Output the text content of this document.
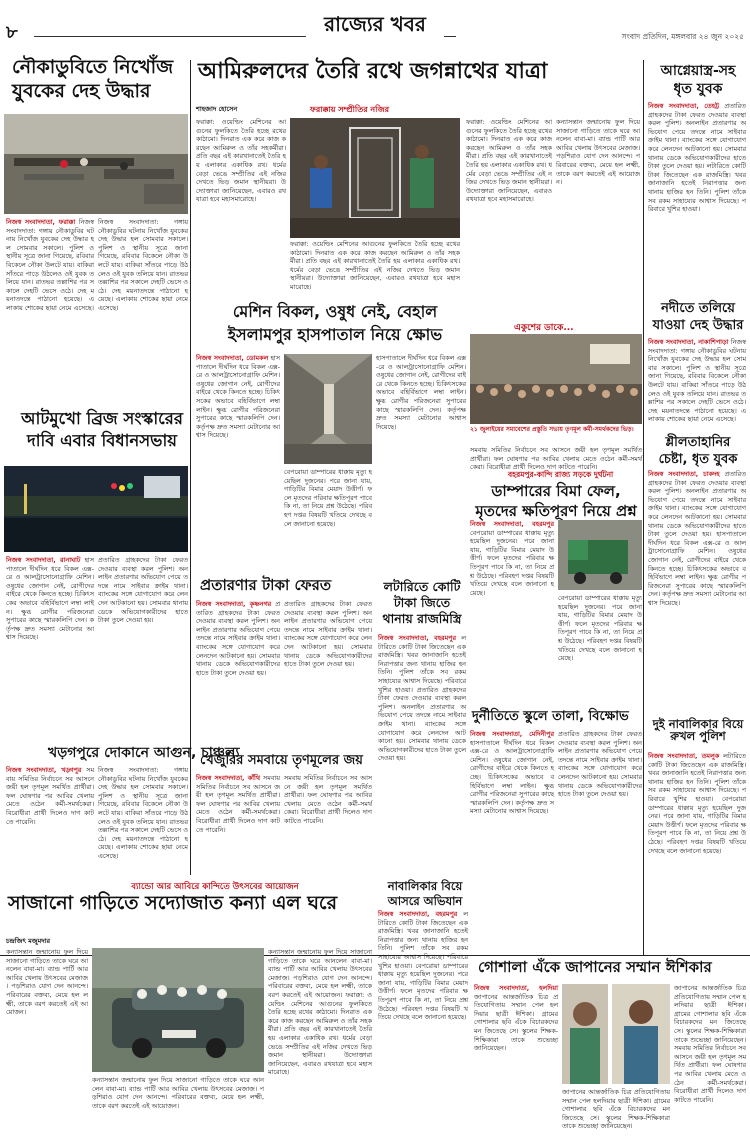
৮	রাজ্যের খবর
সংবাদ প্রতিদিন, মঙ্গলবার ২৪ জুন ২০২৫
নৌকাডুবিতে নিখোঁজ
যুবকের দেহ উদ্ধার
নিজস্ব সংবাদদাতা, ফরাক্কা নিজস্ব সংবাদদাতা: গঙ্গায় নৌকাডুবির ঘটনায় নিখোঁজ যুবকের দেহ উদ্ধার হল সোমবার সকালে। পুলিশ ও স্থানীয় সূত্রে জানা গিয়েছে, রবিবার বিকেলে নৌকা উলটে যায়। বাকিরা সাঁতরে পাড়ে উঠলেও ওই যুবক তলিয়ে যান। রাতভর তল্লাশির পর সকালে দেহটি ভেসে ওঠে। দেহ ময়নাতদন্তে পাঠানো হয়েছে। এলাকায় শোকের ছায়া নেমে এসেছে।
নিজস্ব সংবাদদাতা: গঙ্গায় নৌকাডুবির ঘটনায় নিখোঁজ যুবকের দেহ উদ্ধার হল সোমবার সকালে। পুলিশ ও স্থানীয় সূত্রে জানা গিয়েছে, রবিবার বিকেলে নৌকা উলটে যায়। বাকিরা সাঁতরে পাড়ে উঠলেও ওই যুবক তলিয়ে যান। রাতভর তল্লাশির পর সকালে দেহটি ভেসে ওঠে। দেহ ময়নাতদন্তে পাঠানো হয়েছে। এলাকায় শোকের ছায়া নেমে এসেছে।
আটমুখো ব্রিজ সংস্কারের
দাবি এবার বিধানসভায়
নিজস্ব সংবাদদাতা, রানাঘাট হাসপাতালে দীর্ঘদিন ধরে বিকল এক্স-রে ও আলট্রাসোনোগ্রাফি মেশিন। ওষুধের জোগান নেই, রোগীদের বাইরে থেকে কিনতে হচ্ছে। চিকিৎসকের অভাবে বহির্বিভাগে লম্বা লাইন। ক্ষুব্ধ রোগীর পরিজনেরা সুপারের কাছে স্মারকলিপি দেন। কর্তৃপক্ষ দ্রুত সমস্যা মেটানোর আশ্বাস দিয়েছে।
প্রতারিত গ্রাহকদের টাকা ফেরত দেওয়ার ব্যবস্থা করল পুলিশ। অনলাইন প্রতারণার অভিযোগ পেয়ে তদন্তে নামে সাইবার ক্রাইম থানা। ব্যাংকের সঙ্গে যোগাযোগ করে লেনদেন আটকানো হয়। সোমবার থানায় ডেকে অভিযোগকারীদের হাতে টাকা তুলে দেওয়া হয়।
খড়গপুরে দোকানে আগুন, চাঞ্চল্য
নিজস্ব সংবাদদাতা, খড়্গপুর সমবায় সমিতির নির্বাচনে সব আসনে জয়ী হল তৃণমূল সমর্থিত প্রার্থীরা। ফল ঘোষণার পর আবির খেলায় মেতে ওঠেন কর্মী-সমর্থকেরা। বিরোধীরা প্রার্থী দিলেও দাগ কাটতে পারেনি।
নিজস্ব সংবাদদাতা: গঙ্গায় নৌকাডুবির ঘটনায় নিখোঁজ যুবকের দেহ উদ্ধার হল সোমবার সকালে। পুলিশ ও স্থানীয় সূত্রে জানা গিয়েছে, রবিবার বিকেলে নৌকা উলটে যায়। বাকিরা সাঁতরে পাড়ে উঠলেও ওই যুবক তলিয়ে যান। রাতভর তল্লাশির পর সকালে দেহটি ভেসে ওঠে। দেহ ময়নাতদন্তে পাঠানো হয়েছে। এলাকায় শোকের ছায়া নেমে এসেছে।
আমিরুলদের তৈরি রথে জগন্নাথের যাত্রা
শাহজাদ হোসেন	ফরাক্কায় সম্প্রীতির নজির
ফরাক্কা: ওয়েল্ডিং মেশিনের আগুনের ফুলকিতে তৈরি হচ্ছে রথের কাঠামো। দিনরাত এক করে কাজ করছেন আমিরুল ও তাঁর সহকর্মীরা। প্রতি বছর এই কারখানাতেই তৈরি হয় এলাকার একাধিক রথ। ধর্মের বেড়া ভেঙে সম্প্রীতির এই নজির দেখতে ভিড় জমান স্থানীয়রা। উদ্যোক্তারা জানিয়েছেন, এবারও রথযাত্রা হবে মহাসমারোহে।
ফরাক্কা: ওয়েল্ডিং মেশিনের আগুনের ফুলকিতে তৈরি হচ্ছে রথের কাঠামো। দিনরাত এক করে কাজ করছেন আমিরুল ও তাঁর সহকর্মীরা। প্রতি বছর এই কারখানাতেই তৈরি হয় এলাকার একাধিক রথ। ধর্মের বেড়া ভেঙে সম্প্রীতির এই নজির দেখতে ভিড় জমান স্থানীয়রা। উদ্যোক্তারা জানিয়েছেন, এবারও রথযাত্রা হবে মহাসমারোহে।
ফরাক্কা: ওয়েল্ডিং মেশিনের আগুনের ফুলকিতে তৈরি হচ্ছে রথের কাঠামো। দিনরাত এক করে কাজ করছেন আমিরুল ও তাঁর সহকর্মীরা। প্রতি বছর এই কারখানাতেই তৈরি হয় এলাকার একাধিক রথ। ধর্মের বেড়া ভেঙে সম্প্রীতির এই নজির দেখতে ভিড় জমান স্থানীয়রা। উদ্যোক্তারা জানিয়েছেন, এবারও রথযাত্রা হবে মহাসমারোহে।
কন্যাসন্তান জন্মানোয় ফুল দিয়ে সাজানো গাড়িতে তাকে ঘরে আনলেন বাবা-মা। ব্যান্ড পার্টি আর আবির খেলায় উৎসবের মেজাজ। পড়শিরাও যোগ দেন আনন্দে। পরিবারের বক্তব্য, মেয়ে হল লক্ষ্মী, তাকে বরণ করতেই এই আয়োজন।
মেশিন বিকল, ওষুধ নেই, বেহাল
ইসলামপুর হাসপাতাল নিয়ে ক্ষোভ
নিজস্ব সংবাদদাতা, ডোমকল হাসপাতালে দীর্ঘদিন ধরে বিকল এক্স-রে ও আলট্রাসোনোগ্রাফি মেশিন। ওষুধের জোগান নেই, রোগীদের বাইরে থেকে কিনতে হচ্ছে। চিকিৎসকের অভাবে বহির্বিভাগে লম্বা লাইন। ক্ষুব্ধ রোগীর পরিজনেরা সুপারের কাছে স্মারকলিপি দেন। কর্তৃপক্ষ দ্রুত সমস্যা মেটানোর আশ্বাস দিয়েছে।
হাসপাতালে দীর্ঘদিন ধরে বিকল এক্স-রে ও আলট্রাসোনোগ্রাফি মেশিন। ওষুধের জোগান নেই, রোগীদের বাইরে থেকে কিনতে হচ্ছে। চিকিৎসকের অভাবে বহির্বিভাগে লম্বা লাইন। ক্ষুব্ধ রোগীর পরিজনেরা সুপারের কাছে স্মারকলিপি দেন। কর্তৃপক্ষ দ্রুত সমস্যা মেটানোর আশ্বাস দিয়েছে।
বেপরোয়া ডাম্পারের ধাক্কায় মৃত্যু হয়েছিল দুজনের। পরে জানা যায়, গাড়িটির বিমার মেয়াদ উত্তীর্ণ। ফলে মৃতদের পরিবার ক্ষতিপূরণ পাবে কি না, তা নিয়ে প্রশ্ন উঠেছে। পরিবহণ দপ্তর বিষয়টি খতিয়ে দেখছে বলে জানানো হয়েছে।
একুশের ডাকে...
২১ জুলাইয়ের সমাবেশের প্রস্তুতি সভায় তৃণমূল কর্মী-সমর্থকদের ভিড়।
সমবায় সমিতির নির্বাচনে সব আসনে জয়ী হল তৃণমূল সমর্থিত প্রার্থীরা। ফল ঘোষণার পর আবির খেলায় মেতে ওঠেন কর্মী-সমর্থকেরা। বিরোধীরা প্রার্থী দিলেও দাগ কাটতে পারেনি।
বহরমপুর-কান্দি রাজ্য সড়কে দুর্ঘটনা
ডাম্পারের বিমা ফেল,
মৃতদের ক্ষতিপূরণ নিয়ে প্রশ্ন
নিজস্ব সংবাদদাতা, বহরমপুর বেপরোয়া ডাম্পারের ধাক্কায় মৃত্যু হয়েছিল দুজনের। পরে জানা যায়, গাড়িটির বিমার মেয়াদ উত্তীর্ণ। ফলে মৃতদের পরিবার ক্ষতিপূরণ পাবে কি না, তা নিয়ে প্রশ্ন উঠেছে। পরিবহণ দপ্তর বিষয়টি খতিয়ে দেখছে বলে জানানো হয়েছে।
বেপরোয়া ডাম্পারের ধাক্কায় মৃত্যু হয়েছিল দুজনের। পরে জানা যায়, গাড়িটির বিমার মেয়াদ উত্তীর্ণ। ফলে মৃতদের পরিবার ক্ষতিপূরণ পাবে কি না, তা নিয়ে প্রশ্ন উঠেছে। পরিবহণ দপ্তর বিষয়টি খতিয়ে দেখছে বলে জানানো হয়েছে।
প্রতারণার টাকা ফেরত
নিজস্ব সংবাদদাতা, কৃষ্ণনগর প্রতারিত গ্রাহকদের টাকা ফেরত দেওয়ার ব্যবস্থা করল পুলিশ। অনলাইন প্রতারণার অভিযোগ পেয়ে তদন্তে নামে সাইবার ক্রাইম থানা। ব্যাংকের সঙ্গে যোগাযোগ করে লেনদেন আটকানো হয়। সোমবার থানায় ডেকে অভিযোগকারীদের হাতে টাকা তুলে দেওয়া হয়।
প্রতারিত গ্রাহকদের টাকা ফেরত দেওয়ার ব্যবস্থা করল পুলিশ। অনলাইন প্রতারণার অভিযোগ পেয়ে তদন্তে নামে সাইবার ক্রাইম থানা। ব্যাংকের সঙ্গে যোগাযোগ করে লেনদেন আটকানো হয়। সোমবার থানায় ডেকে অভিযোগকারীদের হাতে টাকা তুলে দেওয়া হয়।
লটারিতে কোটি
টাকা জিতে
থানায় রাজমিস্ত্রি
নিজস্ব সংবাদদাতা, বহরমপুর লটারিতে কোটি টাকা জিতেছেন এক রাজমিস্ত্রি। খবর জানাজানি হতেই নিরাপত্তার জন্য থানায় হাজির হন তিনি। পুলিশ তাঁকে সব রকম সাহায্যের আশ্বাস দিয়েছে। পরিবারে খুশির হাওয়া। প্রতারিত গ্রাহকদের টাকা ফেরত দেওয়ার ব্যবস্থা করল পুলিশ। অনলাইন প্রতারণার অভিযোগ পেয়ে তদন্তে নামে সাইবার ক্রাইম থানা। ব্যাংকের সঙ্গে যোগাযোগ করে লেনদেন আটকানো হয়। সোমবার থানায় ডেকে অভিযোগকারীদের হাতে টাকা তুলে দেওয়া হয়।
খেজুরির সমবায়ে তৃণমূলের জয়
নিজস্ব সংবাদদাতা, কাঁথি সমবায় সমিতির নির্বাচনে সব আসনে জয়ী হল তৃণমূল সমর্থিত প্রার্থীরা। ফল ঘোষণার পর আবির খেলায় মেতে ওঠেন কর্মী-সমর্থকেরা। বিরোধীরা প্রার্থী দিলেও দাগ কাটতে পারেনি।
সমবায় সমিতির নির্বাচনে সব আসনে জয়ী হল তৃণমূল সমর্থিত প্রার্থীরা। ফল ঘোষণার পর আবির খেলায় মেতে ওঠেন কর্মী-সমর্থকেরা। বিরোধীরা প্রার্থী দিলেও দাগ কাটতে পারেনি।
দুর্নীতিতে স্কুলে তালা, বিক্ষোভ
নিজস্ব সংবাদদাতা, মেদিনীপুর হাসপাতালে দীর্ঘদিন ধরে বিকল এক্স-রে ও আলট্রাসোনোগ্রাফি মেশিন। ওষুধের জোগান নেই, রোগীদের বাইরে থেকে কিনতে হচ্ছে। চিকিৎসকের অভাবে বহির্বিভাগে লম্বা লাইন। ক্ষুব্ধ রোগীর পরিজনেরা সুপারের কাছে স্মারকলিপি দেন। কর্তৃপক্ষ দ্রুত সমস্যা মেটানোর আশ্বাস দিয়েছে।
প্রতারিত গ্রাহকদের টাকা ফেরত দেওয়ার ব্যবস্থা করল পুলিশ। অনলাইন প্রতারণার অভিযোগ পেয়ে তদন্তে নামে সাইবার ক্রাইম থানা। ব্যাংকের সঙ্গে যোগাযোগ করে লেনদেন আটকানো হয়। সোমবার থানায় ডেকে অভিযোগকারীদের হাতে টাকা তুলে দেওয়া হয়।
নাবালিকার বিয়ে
আসরে অভিযান
নিজস্ব সংবাদদাতা, বহরমপুর লটারিতে কোটি টাকা জিতেছেন এক রাজমিস্ত্রি। খবর জানাজানি হতেই নিরাপত্তার জন্য থানায় হাজির হন তিনি। পুলিশ তাঁকে সব রকম সাহায্যের আশ্বাস দিয়েছে। পরিবারে খুশির হাওয়া। বেপরোয়া ডাম্পারের ধাক্কায় মৃত্যু হয়েছিল দুজনের। পরে জানা যায়, গাড়িটির বিমার মেয়াদ উত্তীর্ণ। ফলে মৃতদের পরিবার ক্ষতিপূরণ পাবে কি না, তা নিয়ে প্রশ্ন উঠেছে। পরিবহণ দপ্তর বিষয়টি খতিয়ে দেখছে বলে জানানো হয়েছে।
আগ্নেয়াস্ত্র-সহ
ধৃত যুবক
নিজস্ব সংবাদদাতা, তেহট্ট প্রতারিত গ্রাহকদের টাকা ফেরত দেওয়ার ব্যবস্থা করল পুলিশ। অনলাইন প্রতারণার অভিযোগ পেয়ে তদন্তে নামে সাইবার ক্রাইম থানা। ব্যাংকের সঙ্গে যোগাযোগ করে লেনদেন আটকানো হয়। সোমবার থানায় ডেকে অভিযোগকারীদের হাতে টাকা তুলে দেওয়া হয়। লটারিতে কোটি টাকা জিতেছেন এক রাজমিস্ত্রি। খবর জানাজানি হতেই নিরাপত্তার জন্য থানায় হাজির হন তিনি। পুলিশ তাঁকে সব রকম সাহায্যের আশ্বাস দিয়েছে। পরিবারে খুশির হাওয়া।
নদীতে তলিয়ে
যাওয়া দেহ উদ্ধার
নিজস্ব সংবাদদাতা, নাকাশিপাড়া নিজস্ব সংবাদদাতা: গঙ্গায় নৌকাডুবির ঘটনায় নিখোঁজ যুবকের দেহ উদ্ধার হল সোমবার সকালে। পুলিশ ও স্থানীয় সূত্রে জানা গিয়েছে, রবিবার বিকেলে নৌকা উলটে যায়। বাকিরা সাঁতরে পাড়ে উঠলেও ওই যুবক তলিয়ে যান। রাতভর তল্লাশির পর সকালে দেহটি ভেসে ওঠে। দেহ ময়নাতদন্তে পাঠানো হয়েছে। এলাকায় শোকের ছায়া নেমে এসেছে।
শ্লীলতাহানির
চেষ্টা, ধৃত যুবক
নিজস্ব সংবাদদাতা, চাকদহ প্রতারিত গ্রাহকদের টাকা ফেরত দেওয়ার ব্যবস্থা করল পুলিশ। অনলাইন প্রতারণার অভিযোগ পেয়ে তদন্তে নামে সাইবার ক্রাইম থানা। ব্যাংকের সঙ্গে যোগাযোগ করে লেনদেন আটকানো হয়। সোমবার থানায় ডেকে অভিযোগকারীদের হাতে টাকা তুলে দেওয়া হয়। হাসপাতালে দীর্ঘদিন ধরে বিকল এক্স-রে ও আলট্রাসোনোগ্রাফি মেশিন। ওষুধের জোগান নেই, রোগীদের বাইরে থেকে কিনতে হচ্ছে। চিকিৎসকের অভাবে বহির্বিভাগে লম্বা লাইন। ক্ষুব্ধ রোগীর পরিজনেরা সুপারের কাছে স্মারকলিপি দেন। কর্তৃপক্ষ দ্রুত সমস্যা মেটানোর আশ্বাস দিয়েছে।
দুই নাবালিকার বিয়ে রুখল পুলিশ
নিজস্ব সংবাদদাতা, তমলুক লটারিতে কোটি টাকা জিতেছেন এক রাজমিস্ত্রি। খবর জানাজানি হতেই নিরাপত্তার জন্য থানায় হাজির হন তিনি। পুলিশ তাঁকে সব রকম সাহায্যের আশ্বাস দিয়েছে। পরিবারে খুশির হাওয়া। বেপরোয়া ডাম্পারের ধাক্কায় মৃত্যু হয়েছিল দুজনের। পরে জানা যায়, গাড়িটির বিমার মেয়াদ উত্তীর্ণ। ফলে মৃতদের পরিবার ক্ষতিপূরণ পাবে কি না, তা নিয়ে প্রশ্ন উঠেছে। পরিবহণ দপ্তর বিষয়টি খতিয়ে দেখছে বলে জানানো হয়েছে।
ব্যান্ডো আর আবিরে কান্দিতে উৎসবের আয়োজন
সাজানো গাড়িতে সদ্যোজাত কন্যা এল ঘরে
চন্দ্রজিৎ মজুমদার
কন্যাসন্তান জন্মানোয় ফুল দিয়ে সাজানো গাড়িতে তাকে ঘরে আনলেন বাবা-মা। ব্যান্ড পার্টি আর আবির খেলায় উৎসবের মেজাজ। পড়শিরাও যোগ দেন আনন্দে। পরিবারের বক্তব্য, মেয়ে হল লক্ষ্মী, তাকে বরণ করতেই এই আয়োজন।
কন্যাসন্তান জন্মানোয় ফুল দিয়ে সাজানো গাড়িতে তাকে ঘরে আনলেন বাবা-মা। ব্যান্ড পার্টি আর আবির খেলায় উৎসবের মেজাজ। পড়শিরাও যোগ দেন আনন্দে। পরিবারের বক্তব্য, মেয়ে হল লক্ষ্মী, তাকে বরণ করতেই এই আয়োজন।
কন্যাসন্তান জন্মানোয় ফুল দিয়ে সাজানো গাড়িতে তাকে ঘরে আনলেন বাবা-মা। ব্যান্ড পার্টি আর আবির খেলায় উৎসবের মেজাজ। পড়শিরাও যোগ দেন আনন্দে। পরিবারের বক্তব্য, মেয়ে হল লক্ষ্মী, তাকে বরণ করতেই এই আয়োজন। ফরাক্কা: ওয়েল্ডিং মেশিনের আগুনের ফুলকিতে তৈরি হচ্ছে রথের কাঠামো। দিনরাত এক করে কাজ করছেন আমিরুল ও তাঁর সহকর্মীরা। প্রতি বছর এই কারখানাতেই তৈরি হয় এলাকার একাধিক রথ। ধর্মের বেড়া ভেঙে সম্প্রীতির এই নজির দেখতে ভিড় জমান স্থানীয়রা। উদ্যোক্তারা জানিয়েছেন, এবারও রথযাত্রা হবে মহাসমারোহে।
গোশালা এঁকে জাপানের সম্মান ঈশিকার
নিজস্ব সংবাদদাতা, হলদিয়া জাপানের আন্তর্জাতিক চিত্র প্রতিযোগিতায় সম্মান পেল হলদিয়ার ছাত্রী ঈশিকা। গ্রামের গোশালার ছবি এঁকে বিচারকদের মন জিতেছে সে। স্কুলের শিক্ষক-শিক্ষিকারা তাকে শুভেচ্ছা জানিয়েছেন।
জাপানের আন্তর্জাতিক চিত্র প্রতিযোগিতায় সম্মান পেল হলদিয়ার ছাত্রী ঈশিকা। গ্রামের গোশালার ছবি এঁকে বিচারকদের মন জিতেছে সে। স্কুলের শিক্ষক-শিক্ষিকারা তাকে শুভেচ্ছা জানিয়েছেন।
জাপানের আন্তর্জাতিক চিত্র প্রতিযোগিতায় সম্মান পেল হলদিয়ার ছাত্রী ঈশিকা। গ্রামের গোশালার ছবি এঁকে বিচারকদের মন জিতেছে সে। স্কুলের শিক্ষক-শিক্ষিকারা তাকে শুভেচ্ছা জানিয়েছেন। সমবায় সমিতির নির্বাচনে সব আসনে জয়ী হল তৃণমূল সমর্থিত প্রার্থীরা। ফল ঘোষণার পর আবির খেলায় মেতে ওঠেন কর্মী-সমর্থকেরা। বিরোধীরা প্রার্থী দিলেও দাগ কাটতে পারেনি।
